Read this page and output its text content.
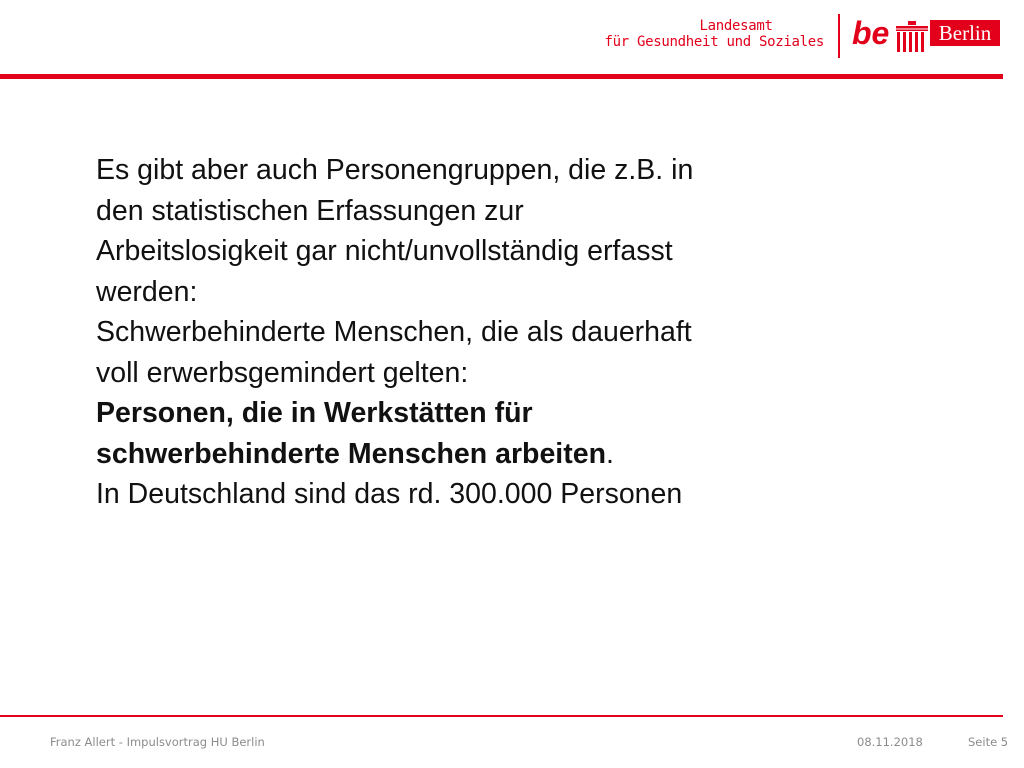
Landesamt
für Gesundheit und Soziales be Berlin

Es gibt aber auch Personengruppen, die z.B. in

den statistischen Erfassungen zur

Arbeitslosigkeit gar nicht/unvollständig erfasst

werden:

Schwerbehinderte Menschen, die als dauerhaft

voll erwerbsgemindert gelten:

Personen, die in Werkstätten für

schwerbehinderte Menschen arbeiten.

In Deutschland sind das rd. 300.000 Personen

Franz Allert - Impulsvortrag HU Berlin	08.11.2018	Seite 5
